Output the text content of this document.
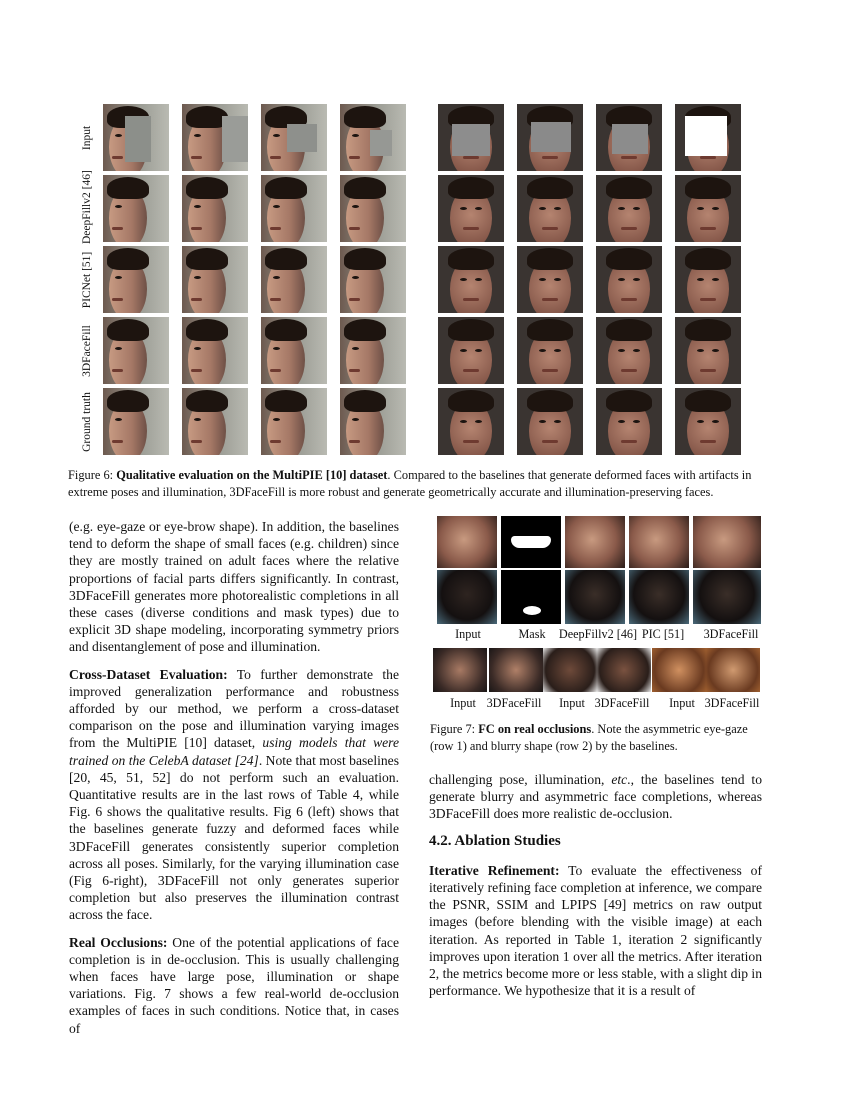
Input
DeepFillv2 [46]
PICNet [51]
3DFaceFill
Ground truth
Figure 6: Qualitative evaluation on the MultiPIE [10] dataset. Compared to the baselines that generate deformed faces with artifacts in extreme poses and illumination, 3DFaceFill is more robust and generate geometrically accurate and illumination-preserving faces.

(e.g. eye-gaze or eye-brow shape). In addition, the baselines tend to deform the shape of small faces (e.g. children) since they are mostly trained on adult faces where the relative proportions of facial parts differs significantly. In contrast, 3DFaceFill generates more photorealistic completions in all these cases (diverse conditions and mask types) due to explicit 3D shape modeling, incorporating symmetry priors and disentanglement of pose and illumination.

Cross-Dataset Evaluation: To further demonstrate the improved generalization performance and robustness afforded by our method, we perform a cross-dataset comparison on the pose and illumination varying images from the MultiPIE [10] dataset, using models that were trained on the CelebA dataset [24]. Note that most baselines [20, 45, 51, 52] do not perform such an evaluation. Quantitative results are in the last rows of Table 4, while Fig. 6 shows the qualitative results. Fig 6 (left) shows that the baselines generate fuzzy and deformed faces while 3DFaceFill generates consistently superior completion across all poses. Similarly, for the varying illumination case (Fig 6-right), 3DFaceFill not only generates superior completion but also preserves the illumination contrast across the face.

Real Occlusions: One of the potential applications of face completion is in de-occlusion. This is usually challenging when faces have large pose, illumination or shape variations. Fig. 7 shows a few real-world de-occlusion examples of faces in such conditions. Notice that, in cases of

Input	Mask	DeepFillv2 [46] PIC [51]	3DFaceFill
Input 3DFaceFill	Input 3DFaceFill	Input 3DFaceFill
Figure 7: FC on real occlusions. Note the asymmetric eye-gaze (row 1) and blurry shape (row 2) by the baselines.

challenging pose, illumination, etc., the baselines tend to generate blurry and asymmetric face completions, whereas 3DFaceFill does more realistic de-occlusion.

4.2. Ablation Studies

Iterative Refinement: To evaluate the effectiveness of iteratively refining face completion at inference, we compare the PSNR, SSIM and LPIPS [49] metrics on raw output images (before blending with the visible image) at each iteration. As reported in Table 1, iteration 2 significantly improves upon iteration 1 over all the metrics. After iteration 2, the metrics become more or less stable, with a slight dip in performance. We hypothesize that it is a result of
